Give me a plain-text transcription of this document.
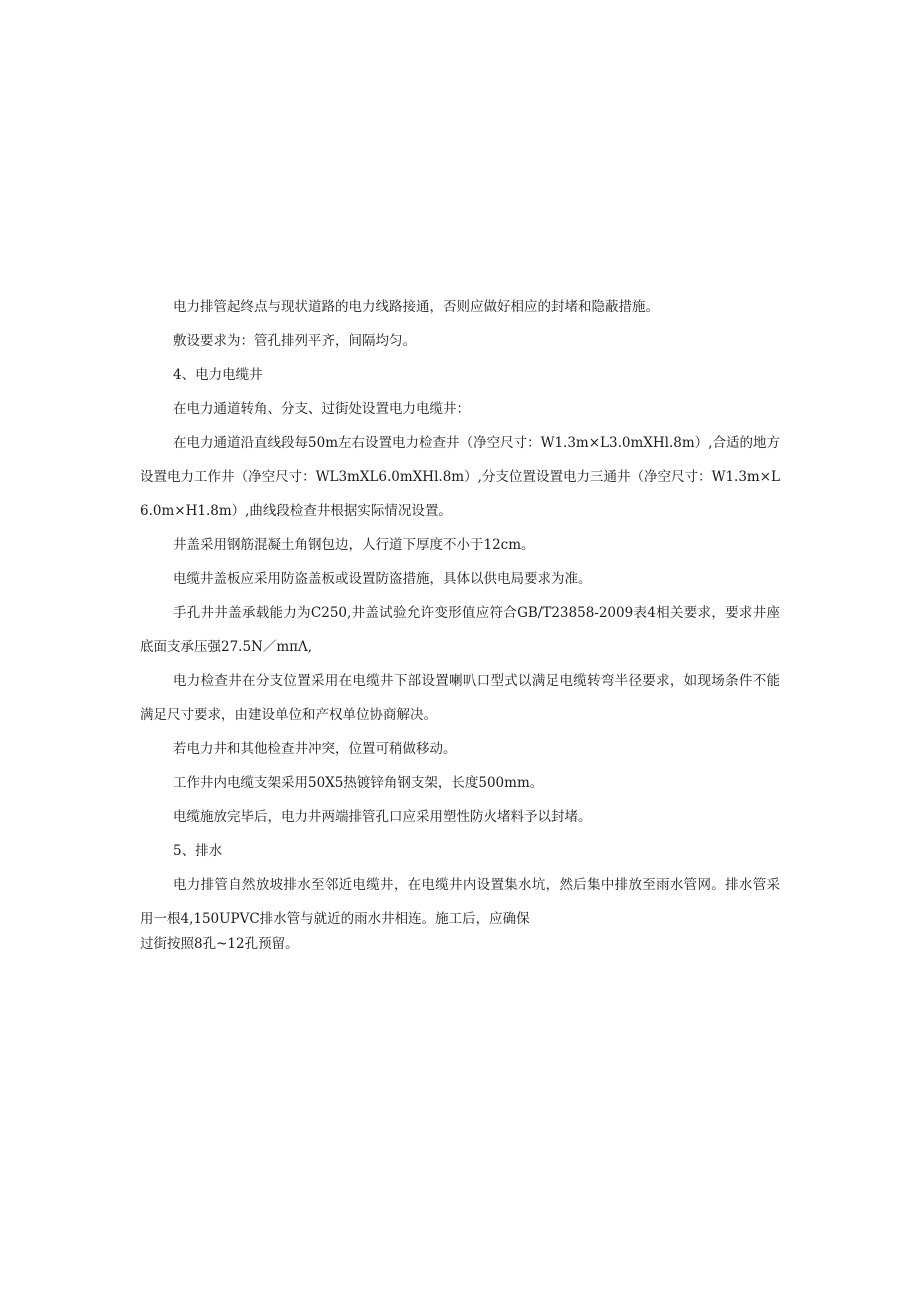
电力排管起终点与现状道路的电力线路接通，否则应做好相应的封堵和隐蔽措施。

敷设要求为：管孔排列平齐，间隔均匀。

4、电力电缆井

在电力通道转角、分支、过街处设置电力电缆井：

在电力通道沿直线段每50m左右设置电力检查井（净空尺寸：W1.3m×L3.0mXHl.8m）,合适的地方设置电力工作井（净空尺寸：WL3mXL6.0mXHl.8m）,分支位置设置电力三通井（净空尺寸：W1.3m×L6.0m×H1.8m）,曲线段检查井根据实际情况设置。

井盖采用钢筋混凝土角钢包边，人行道下厚度不小于12cm。

电缆井盖板应采用防盗盖板或设置防盗措施，具体以供电局要求为准。

手孔井井盖承载能力为C250,井盖试验允许变形值应符合GB/T23858-2009表4相关要求，要求井座底面支承压强27.5N／mπΛ,

电力检查井在分支位置采用在电缆井下部设置喇叭口型式以满足电缆转弯半径要求，如现场条件不能满足尺寸要求，由建设单位和产权单位协商解决。

若电力井和其他检查井冲突，位置可稍做移动。

工作井内电缆支架采用50X5热镀锌角钢支架，长度500mm。

电缆施放完毕后，电力井两端排管孔口应采用塑性防火堵料予以封堵。

5、排水

电力排管自然放坡排水至邻近电缆井，在电缆井内设置集水坑，然后集中排放至雨水管网。排水管采用一根4,150UPVC排水管与就近的雨水井相连。施工后，应确保

过街按照8孔~12孔预留。
